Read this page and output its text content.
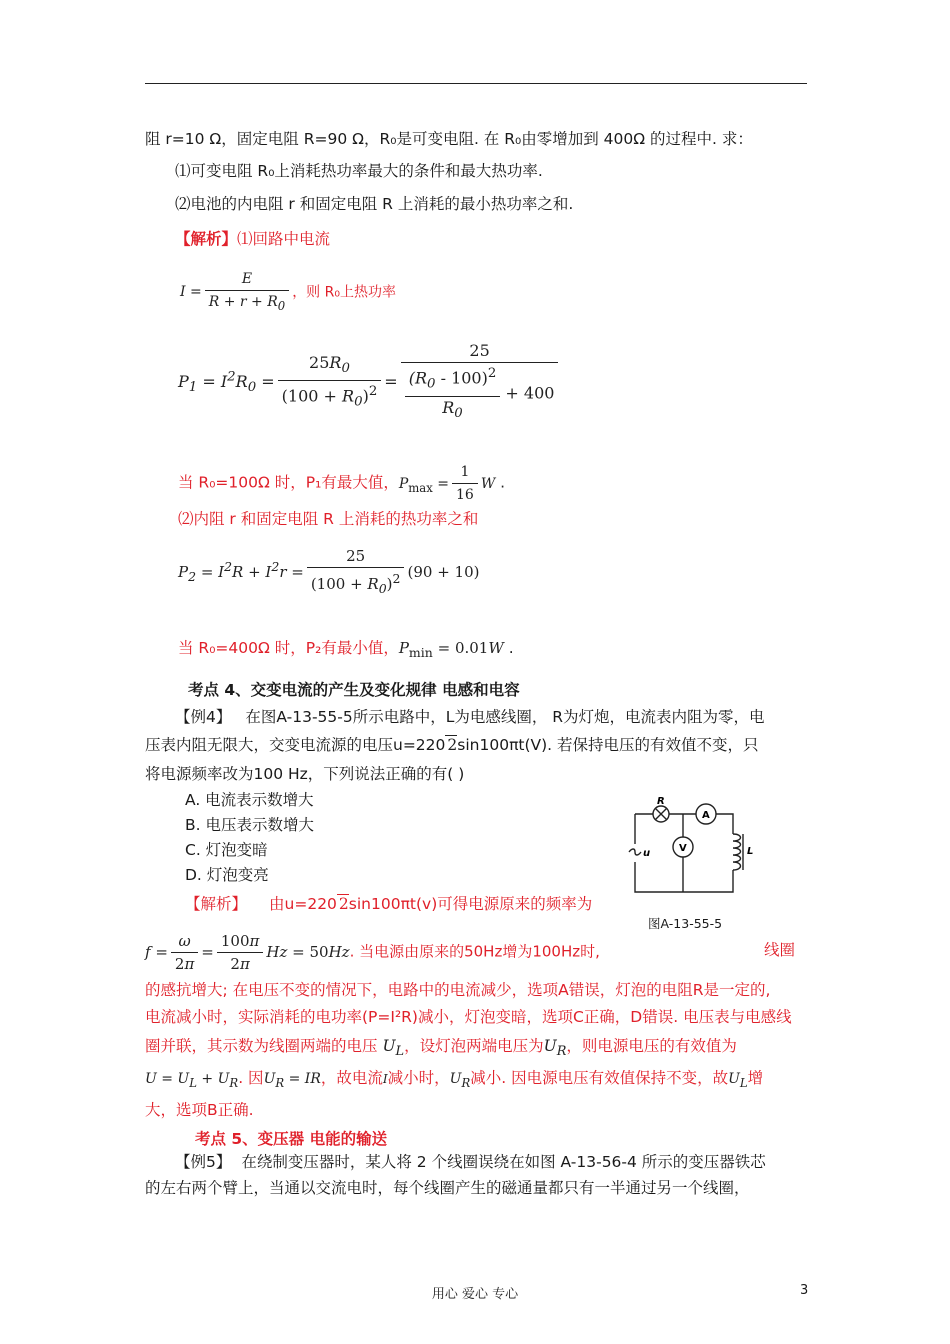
阻 r=10 Ω，固定电阻 R=90 Ω，R₀是可变电阻. 在 R₀由零增加到 400Ω 的过程中. 求：
⑴可变电阻 R₀上消耗热功率最大的条件和最大热功率.
⑵电池的内电阻 r 和固定电阻 R 上消耗的最小热功率之和.
【解析】⑴回路中电流
$I = \frac{E}{R + r + R_0}$ ，则 R₀上热功率
$P_1 = I^2R_0 = \frac{25R_0}{(100 + R_0)^2} = \frac{25}{\frac{(R_0 - 100)^2}{R_0} + 400}$
当 R₀=100Ω 时，P₁有最大值，$P_{max} = \frac{1}{16}$ W .
⑵内阻 r 和固定电阻 R 上消耗的热功率之和
$P_2 = I^2R + I^2r = \frac{25}{(100 + R_0)^2} (90 + 10)$
当 R₀=400Ω 时，P₂有最小值，$P_{min} = 0.01W$ .
考点 4、交变电流的产生及变化规律 电感和电容
【例4】 在图A-13-55-5所示电路中，L为电感线圈， R为灯炮，电流表内阻为零，电
压表内阻无限大，交变电流源的电压u=220 2sin100πt(V). 若保持电压的有效值不变，只
将电源频率改为100 Hz，下列说法正确的有( )
A. 电流表示数增大
B. 电压表示数增大
C. 灯泡变暗
D. 灯泡变亮
R
A
V	L
u
图A-13-55-5
【解析】 由u=220 2sin100πt(v)可得电源原来的频率为
$f = \frac{\omega}{2\pi} = \frac{100\pi}{2\pi}$ Hz = 50Hz. 当电源由原来的50Hz增为100Hz时,	线圈
的感抗增大; 在电压不变的情况下，电路中的电流减少，选项A错误，灯泡的电阻R是一定的,
电流减小时，实际消耗的电功率(P=I²R)减小，灯泡变暗，选项C正确，D错误. 电压表与电感线
圈并联，其示数为线圈两端的电压 $U_L$，设灯泡两端电压为$U_R$，则电源电压的有效值为
$U = U_L + U_R$. 因$U_R$ = IR，故电流I减小时，$U_R$减小. 因电源电压有效值保持不变，故$U_L$增
大，选项B正确.
考点 5、变压器 电能的输送
【例5】 在绕制变压器时，某人将 2 个线圈误绕在如图 A-13-56-4 所示的变压器铁芯
的左右两个臂上，当通以交流电时，每个线圈产生的磁通量都只有一半通过另一个线圈，
用心 爱心 专心	3
